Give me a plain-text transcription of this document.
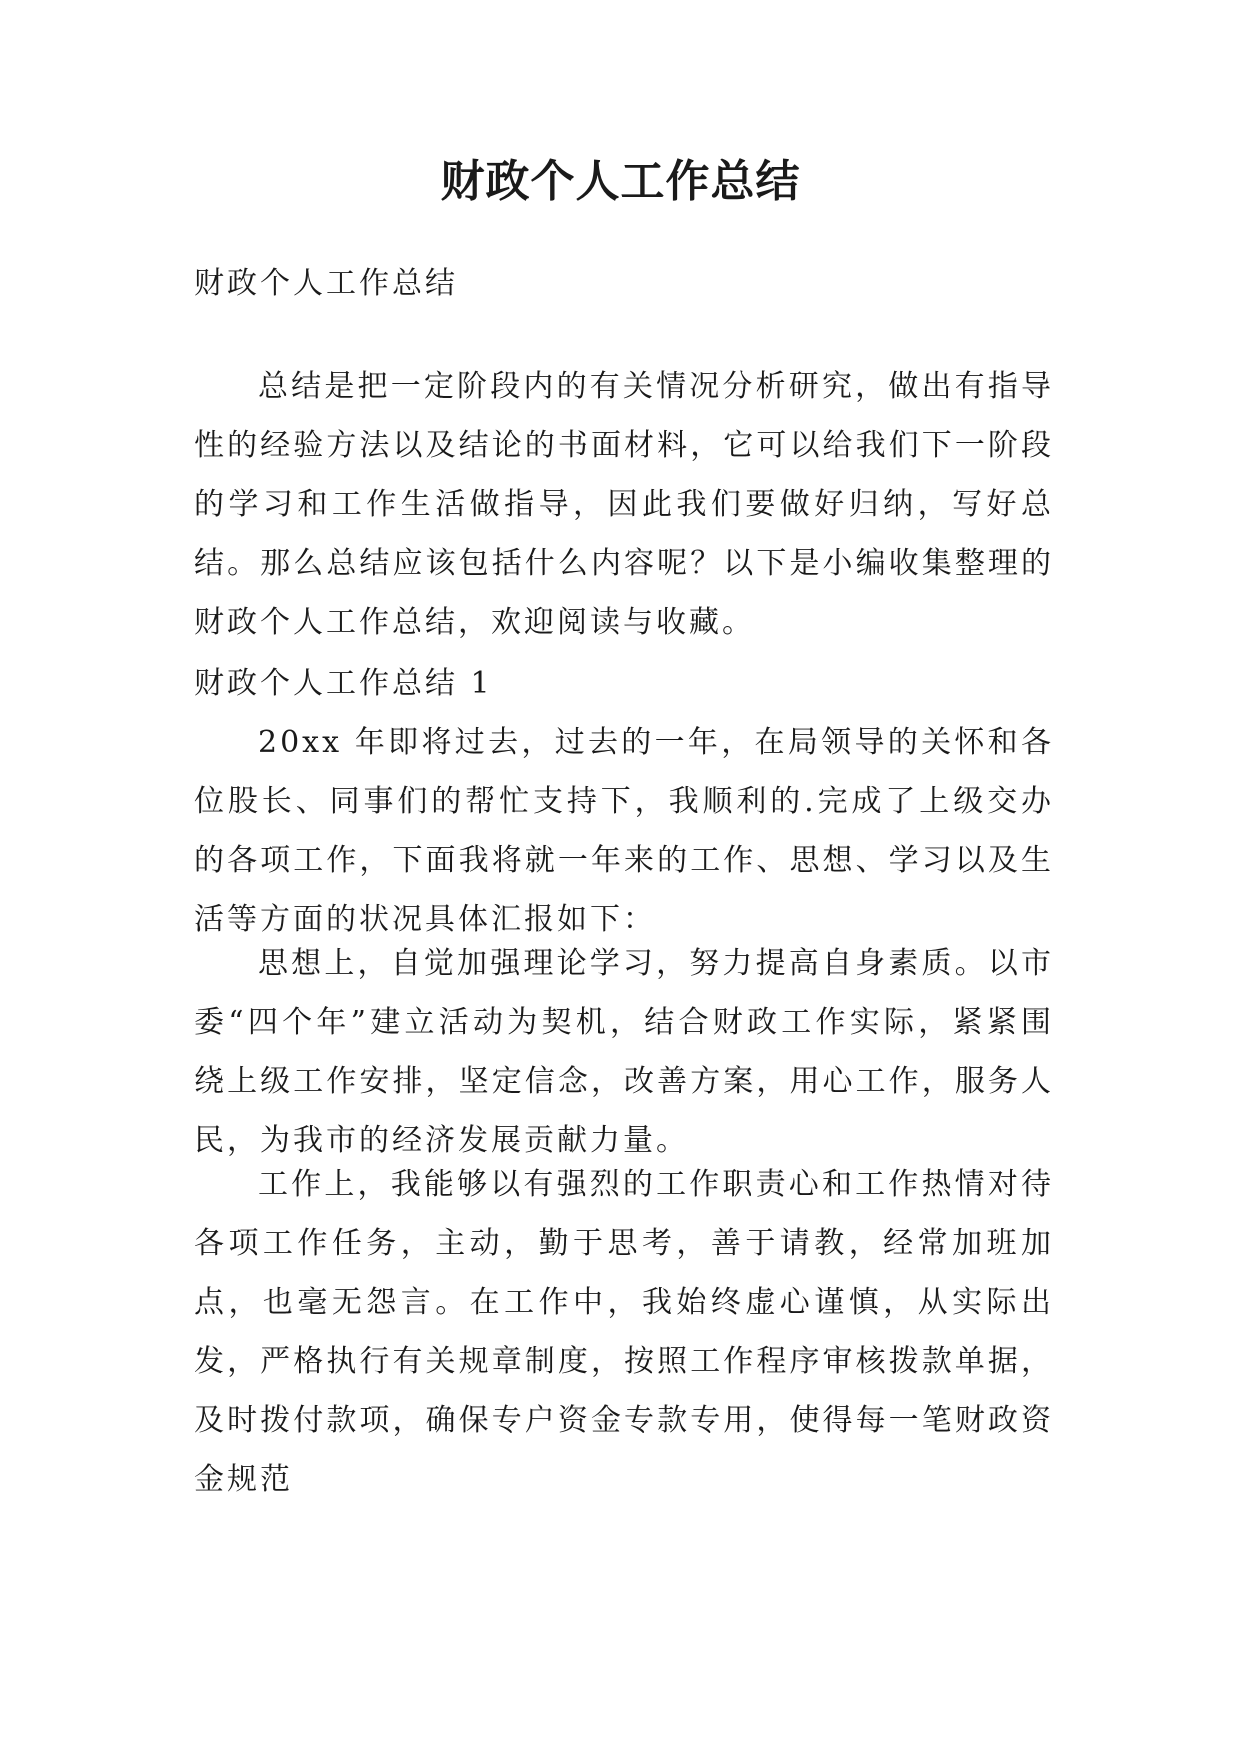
财政个人工作总结

财政个人工作总结

总结是把一定阶段内的有关情况分析研究，做出有指导性的经验方法以及结论的书面材料，它可以给我们下一阶段的学习和工作生活做指导，因此我们要做好归纳，写好总结。那么总结应该包括什么内容呢？以下是小编收集整理的财政个人工作总结，欢迎阅读与收藏。

财政个人工作总结 1

20xx 年即将过去，过去的一年，在局领导的关怀和各位股长、同事们的帮忙支持下，我顺利的.完成了上级交办的各项工作，下面我将就一年来的工作、思想、学习以及生活等方面的状况具体汇报如下：

思想上，自觉加强理论学习，努力提高自身素质。以市委“四个年”建立活动为契机，结合财政工作实际，紧紧围绕上级工作安排，坚定信念，改善方案，用心工作，服务人民，为我市的经济发展贡献力量。

工作上，我能够以有强烈的工作职责心和工作热情对待各项工作任务，主动，勤于思考，善于请教，经常加班加点，也毫无怨言。在工作中，我始终虚心谨慎，从实际出发，严格执行有关规章制度，按照工作程序审核拨款单据，及时拨付款项，确保专户资金专款专用，使得每一笔财政资金规范
